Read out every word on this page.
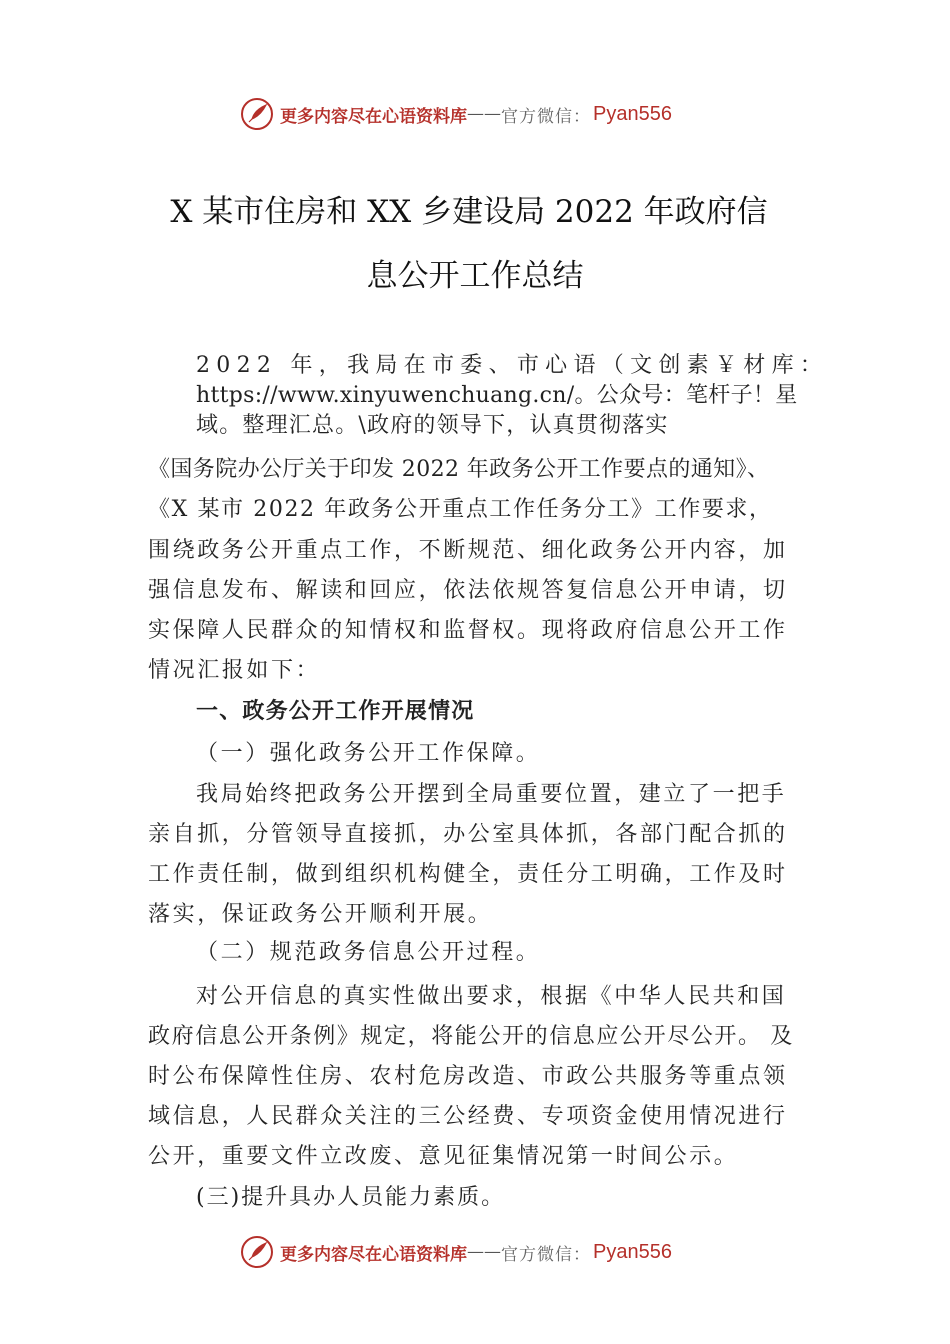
更多内容尽在心语资料库 —— 官方微信： Pyan556
X 某市住房和 XX 乡建设局 2022 年政府信
息公开工作总结
2022 年，我局在市委、市心语（文创素￥材库：
https://www.xinyuwenchuang.cn/。公众号：笔杆子！星
域。整理汇总。\政府的领导下，认真贯彻落实
《国务院办公厅关于印发 2022 年政务公开工作要点的通知》、
《X 某市 2022 年政务公开重点工作任务分工》工作要求，
围绕政务公开重点工作，不断规范、细化政务公开内容，加
强信息发布、解读和回应，依法依规答复信息公开申请，切
实保障人民群众的知情权和监督权。现将政府信息公开工作
情况汇报如下：
一、政务公开工作开展情况
（一）强化政务公开工作保障。
我局始终把政务公开摆到全局重要位置，建立了一把手
亲自抓，分管领导直接抓，办公室具体抓，各部门配合抓的
工作责任制，做到组织机构健全，责任分工明确，工作及时
落实，保证政务公开顺利开展。
（二）规范政务信息公开过程。
对公开信息的真实性做出要求，根据《中华人民共和国
政府信息公开条例》规定，将能公开的信息应公开尽公开。 及
时公布保障性住房、农村危房改造、市政公共服务等重点领
域信息，人民群众关注的三公经费、专项资金使用情况进行
公开，重要文件立改废、意见征集情况第一时间公示。
(三)提升具办人员能力素质。
更多内容尽在心语资料库 —— 官方微信： Pyan556
